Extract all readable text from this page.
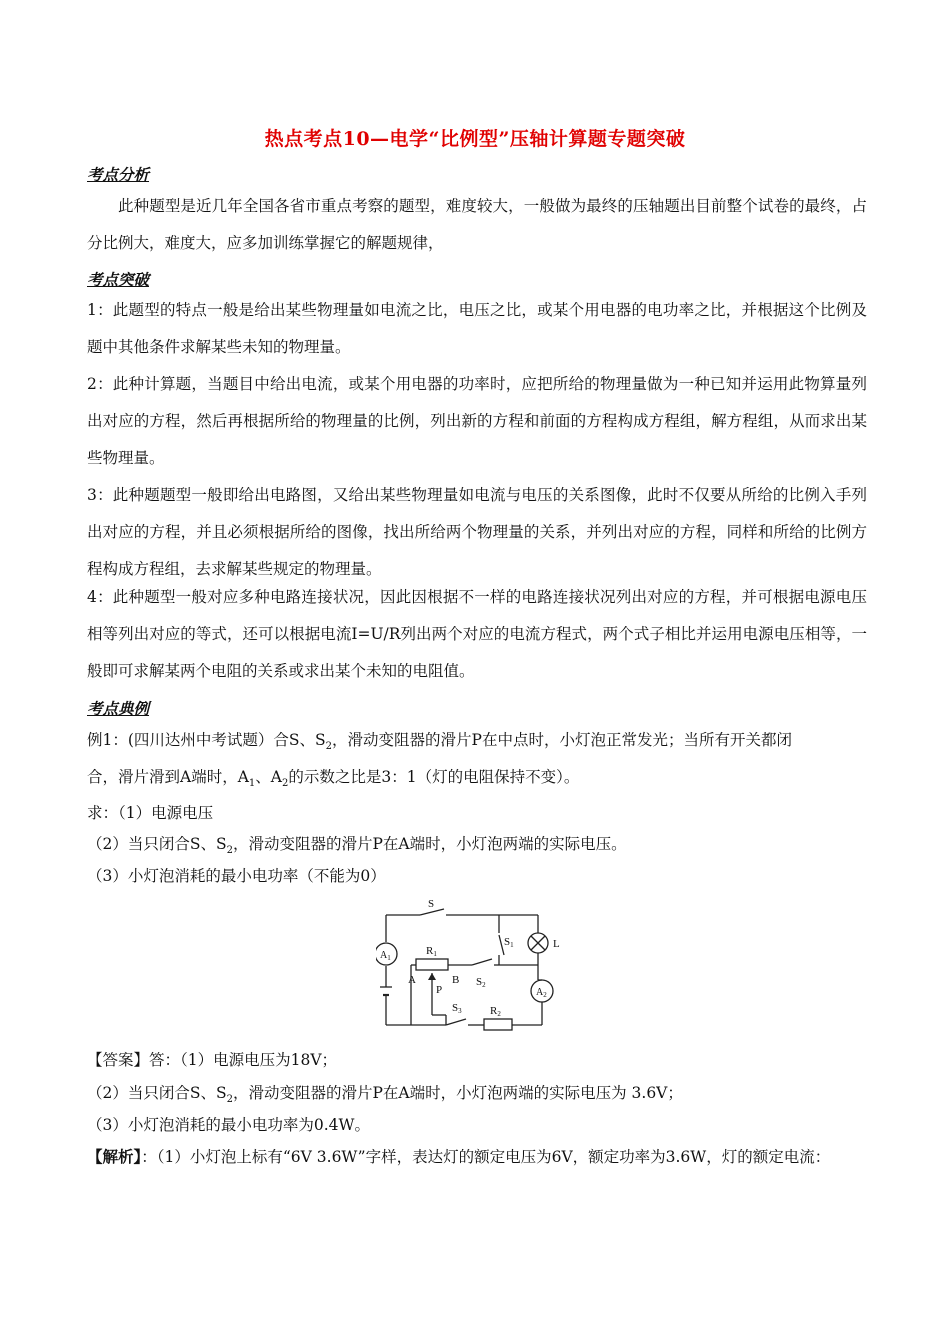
热点考点10—电学“比例型”压轴计算题专题突破
考点分析
此种题型是近几年全国各省市重点考察的题型，难度较大，一般做为最终的压轴题出目前整个试卷的最终，占分比例大，难度大，应多加训练掌握它的解题规律，
考点突破
1：此题型的特点一般是给出某些物理量如电流之比，电压之比，或某个用电器的电功率之比，并根据这个比例及题中其他条件求解某些未知的物理量。
2：此种计算题，当题目中给出电流，或某个用电器的功率时，应把所给的物理量做为一种已知并运用此物算量列出对应的方程，然后再根据所给的物理量的比例，列出新的方程和前面的方程构成方程组，解方程组，从而求出某些物理量。
3：此种题题型一般即给出电路图，又给出某些物理量如电流与电压的关系图像，此时不仅要从所给的比例入手列出对应的方程，并且必须根据所给的图像，找出所给两个物理量的关系，并列出对应的方程，同样和所给的比例方程构成方程组，去求解某些规定的物理量。
4：此种题型一般对应多种电路连接状况，因此因根据不一样的电路连接状况列出对应的方程，并可根据电源电压相等列出对应的等式，还可以根据电流I=U/R列出两个对应的电流方程式，两个式子相比并运用电源电压相等，一般即可求解某两个电阻的关系或求出某个未知的电阻值。
考点典例
例1：(四川达州中考试题）合S、$S_2$，滑动变阻器的滑片P在中点时，小灯泡正常发光；当所有开关都闭
合，滑片滑到A端时，$A_1$、$A_2$的示数之比是3：1（灯的电阻保持不变）。
求：（1）电源电压
（2）当只闭合S、$S_2$，滑动变阻器的滑片P在A端时，小灯泡两端的实际电压。
（3）小灯泡消耗的最小电功率（不能为0）
S
S1	L
$A_1$
R1
A	B
P
S2
$A_2$
S3	R2
【答案】答：（1）电源电压为18V；
（2）当只闭合S、$S_2$，滑动变阻器的滑片P在A端时，小灯泡两端的实际电压为 3.6V；
（3）小灯泡消耗的最小电功率为0.4W。
【解析】：（1）小灯泡上标有“6V 3.6W”字样，表达灯的额定电压为6V，额定功率为3.6W，灯的额定电流：
